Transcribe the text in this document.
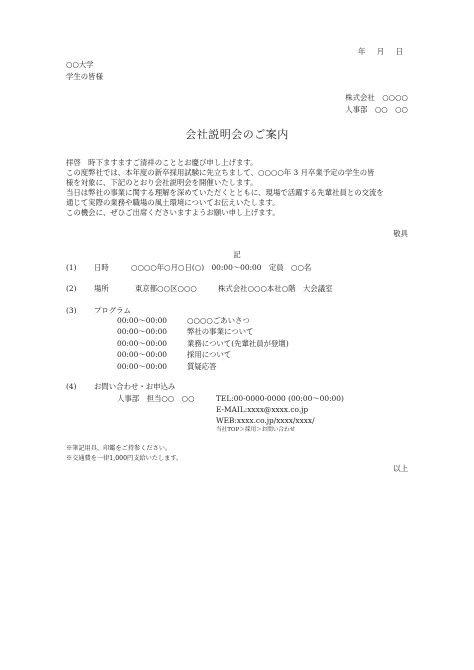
年　月　日
○○大学
学生の皆様
株式会社　○○○○
人事部　○○　○○
会社説明会のご案内

拝啓　時下ますますご清祥のこととお慶び申し上げます。

この度弊社では、本年度の新卒採用試験に先立ちまして、○○○○年 3 月卒業予定の学生の皆

様を対象に、下記のとおり会社説明会を開催いたします。

当日は弊社の事業に関する理解を深めていただくとともに、現場で活躍する先輩社員との交流を

通じて実際の業務や職場の風土環境についてお伝えいたします。

この機会に、ぜひご出席くださいますようお願い申し上げます。

敬具
記
(1) 日時	○○○○年○月○日(○)　00:00～00:00　定員　○○名
(2) 場所	東京都○○区○○○	株式会社○○○本社○階　大会議室
(3) プログラム
00:00～00:00	○○○○ごあいさつ
00:00～00:00	弊社の事業について
00:00～00:00	業務について(先輩社員が登壇)
00:00～00:00	採用について
00:00～00:00	質疑応答
(4) お問い合わせ・お申込み
人事部　担当○○　○○	TEL:00-0000-0000 (00:00～00:00)
E-MAIL:xxxx@xxxx.co.jp
WEB:xxxx.co.jp/xxxx/xxxx/
当社TOP＞採用＞お問い合わせ
※筆記用具、印鑑をご持参ください。
※交通費を一律1,000円支給いたします。
以上
